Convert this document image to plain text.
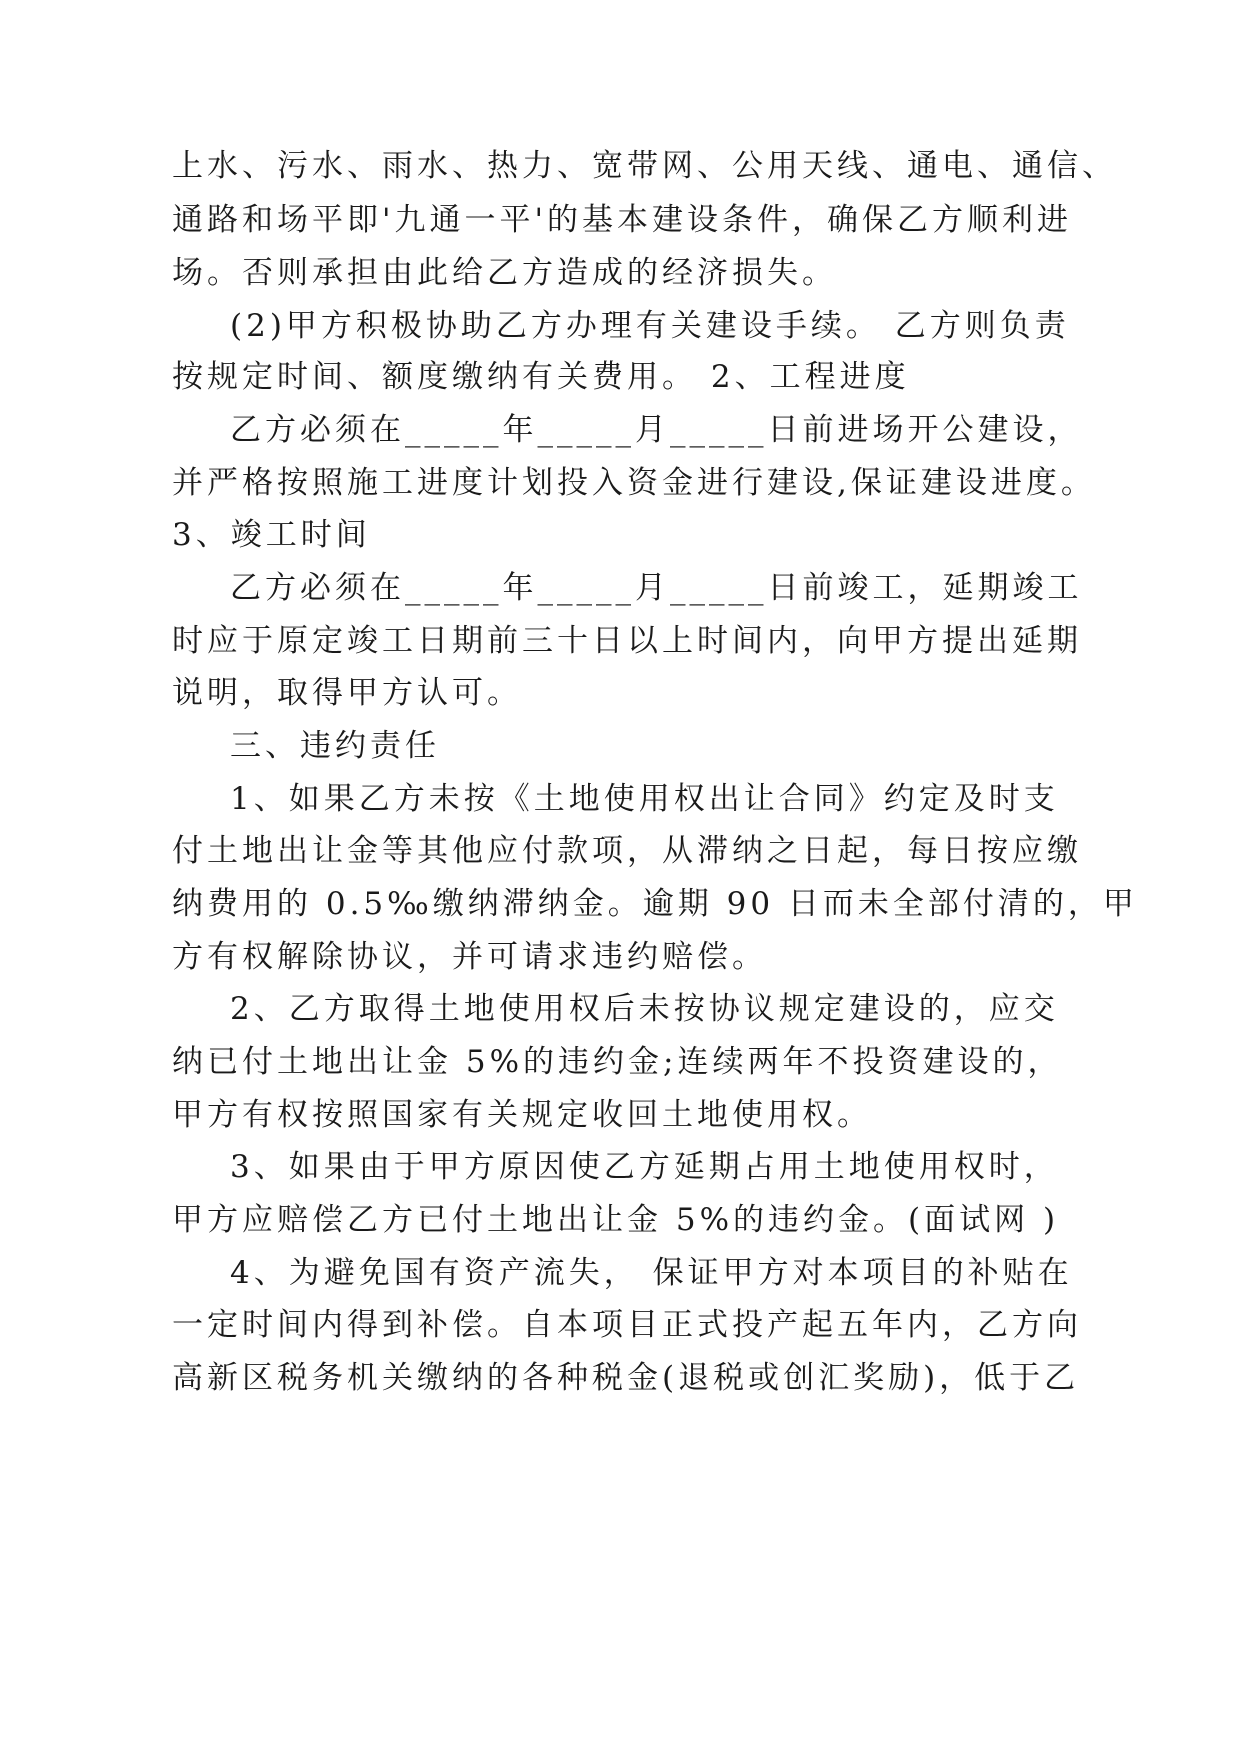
上水、污水、雨水、热力、宽带网、公用天线、通电、通信、
通路和场平即'九通一平'的基本建设条件，确保乙方顺利进
场。否则承担由此给乙方造成的经济损失。
(2)甲方积极协助乙方办理有关建设手续。 乙方则负责
按规定时间、额度缴纳有关费用。 2、工程进度
乙方必须在_____年_____月_____日前进场开公建设，
并严格按照施工进度计划投入资金进行建设,保证建设进度。
3、竣工时间
乙方必须在_____年_____月_____日前竣工，延期竣工
时应于原定竣工日期前三十日以上时间内，向甲方提出延期
说明，取得甲方认可。
三、违约责任
1、如果乙方未按《土地使用权出让合同》约定及时支
付土地出让金等其他应付款项，从滞纳之日起，每日按应缴
纳费用的 0.5‰缴纳滞纳金。逾期 90 日而未全部付清的，甲
方有权解除协议，并可请求违约赔偿。
2、乙方取得土地使用权后未按协议规定建设的，应交
纳已付土地出让金 5%的违约金;连续两年不投资建设的，
甲方有权按照国家有关规定收回土地使用权。
3、如果由于甲方原因使乙方延期占用土地使用权时，
甲方应赔偿乙方已付土地出让金 5%的违约金。(面试网 )
4、为避免国有资产流失， 保证甲方对本项目的补贴在
一定时间内得到补偿。自本项目正式投产起五年内，乙方向
高新区税务机关缴纳的各种税金(退税或创汇奖励)，低于乙
